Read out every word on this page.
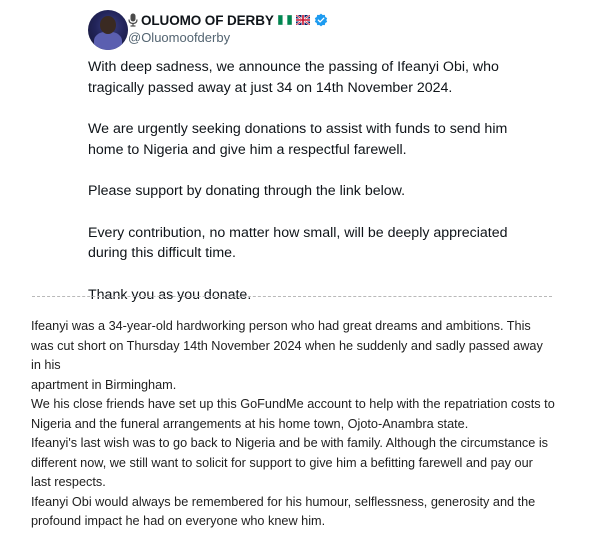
OLUOMO OF DERBY
@Oluomoofderby

With deep sadness, we announce the passing of Ifeanyi Obi, who tragically passed away at just 34 on 14th November 2024.

We are urgently seeking donations to assist with funds to send him home to Nigeria and give him a respectful farewell.

Please support by donating through the link below.

Every contribution, no matter how small, will be deeply appreciated during this difficult time.

Thank you as you donate.

Ifeanyi was a 34-year-old hardworking person who had great dreams and ambitions. This was cut short on Thursday 14th November 2024 when he suddenly and sadly passed away in his
apartment in Birmingham.
We his close friends have set up this GoFundMe account to help with the repatriation costs to Nigeria and the funeral arrangements at his home town, Ojoto-Anambra state.
Ifeanyi's last wish was to go back to Nigeria and be with family. Although the circumstance is different now, we still want to solicit for support to give him a befitting farewell and pay our last respects.
Ifeanyi Obi would always be remembered for his humour, selflessness, generosity and the profound impact he had on everyone who knew him.
